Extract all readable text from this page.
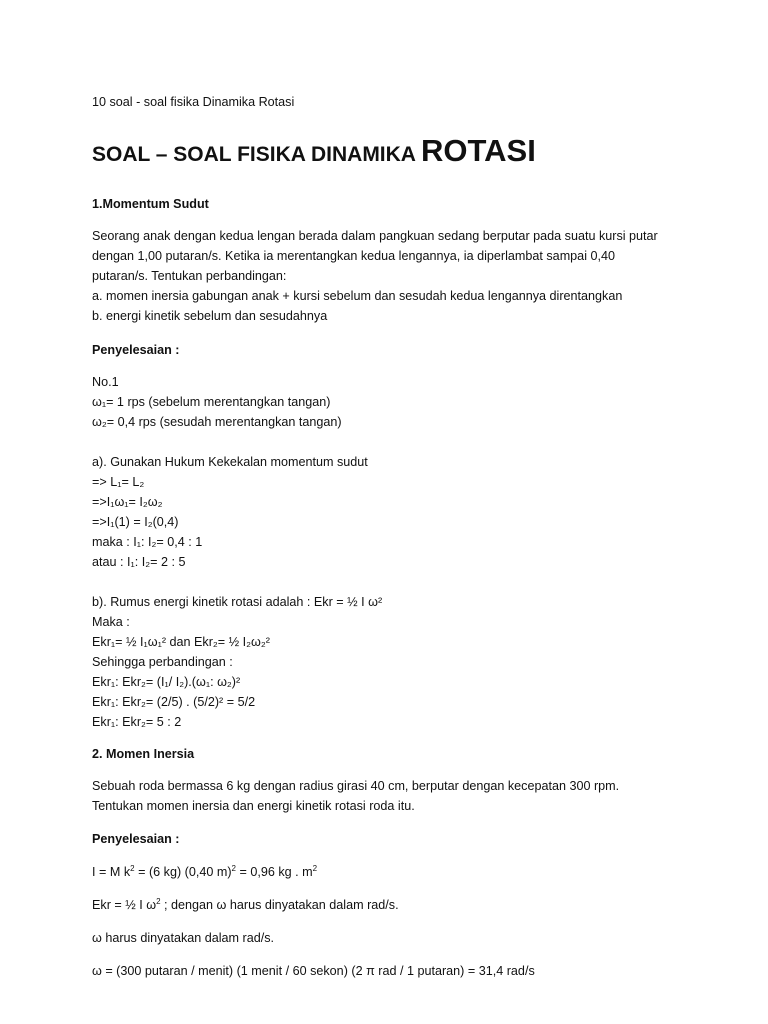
10 soal - soal fisika Dinamika Rotasi

SOAL – SOAL FISIKA DINAMIKA ROTASI

1.Momentum Sudut

Seorang anak dengan kedua lengan berada dalam pangkuan sedang berputar pada suatu kursi putar

dengan 1,00 putaran/s. Ketika ia merentangkan kedua lengannya, ia diperlambat sampai 0,40

putaran/s. Tentukan perbandingan:

a. momen inersia gabungan anak + kursi sebelum dan sesudah kedua lengannya direntangkan

b. energi kinetik sebelum dan sesudahnya

Penyelesaian :

No.1

ω₁= 1 rps (sebelum merentangkan tangan)

ω₂= 0,4 rps (sesudah merentangkan tangan)

a). Gunakan Hukum Kekekalan momentum sudut

=> L₁= L₂

=>I₁ω₁= I₂ω₂

=>I₁(1) = I₂(0,4)

maka : I₁: I₂= 0,4 : 1

atau : I₁: I₂= 2 : 5

b). Rumus energi kinetik rotasi adalah : Ekr = ½ I ω²

Maka :

Ekr₁= ½ I₁ω₁² dan Ekr₂= ½ I₂ω₂²

Sehingga perbandingan :

Ekr₁: Ekr₂= (I₁/ I₂).(ω₁: ω₂)²

Ekr₁: Ekr₂= (2/5) . (5/2)² = 5/2

Ekr₁: Ekr₂= 5 : 2

2. Momen Inersia

Sebuah roda bermassa 6 kg dengan radius girasi 40 cm, berputar dengan kecepatan 300 rpm.

Tentukan momen inersia dan energi kinetik rotasi roda itu.

Penyelesaian :

I = M $k^2 = (6$ kg) (0,40 m)$^2$ = 0,96 kg . $m^2$

Ekr = ½ I $\omega^2$ ; dengan ω harus dinyatakan dalam rad/s.

ω harus dinyatakan dalam rad/s.

ω = (300 putaran / menit) (1 menit / 60 sekon) (2 π rad / 1 putaran) = 31,4 rad/s
